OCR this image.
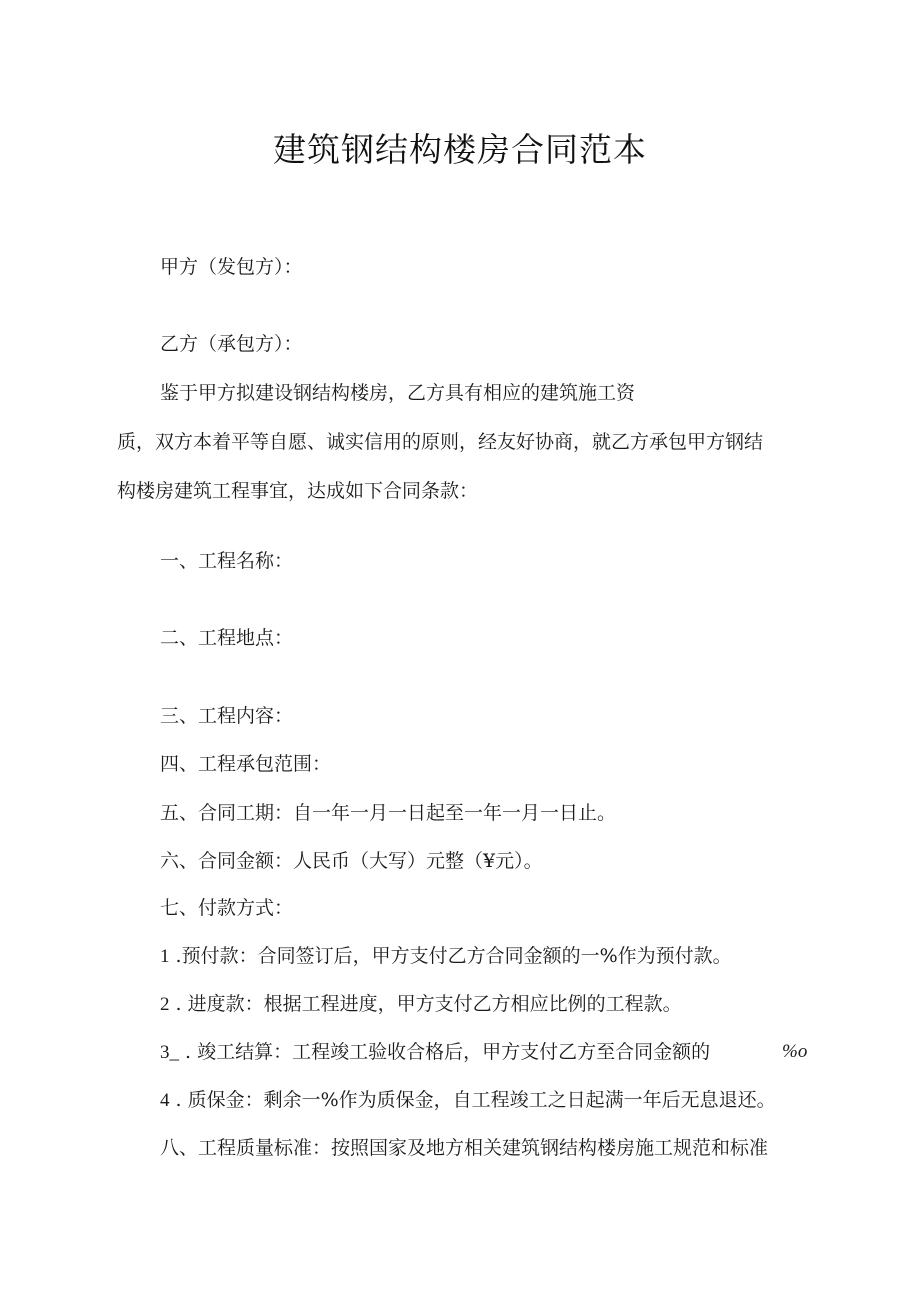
建筑钢结构楼房合同范本
甲方（发包方）：
乙方（承包方）：
鉴于甲方拟建设钢结构楼房，乙方具有相应的建筑施工资
质，双方本着平等自愿、诚实信用的原则，经友好协商，就乙方承包甲方钢结
构楼房建筑工程事宜，达成如下合同条款：
一、工程名称：
二、工程地点：
三、工程内容：
四、工程承包范围：
五、合同工期：自一年一月一日起至一年一月一日止。
六、合同金额：人民币（大写）元整（¥元）。
七、付款方式：
1 .预付款：合同签订后，甲方支付乙方合同金额的一%作为预付款。
2 . 进度款：根据工程进度，甲方支付乙方相应比例的工程款。
3_ . 竣工结算：工程竣工验收合格后，甲方支付乙方至合同金额的	%o
4 . 质保金：剩余一%作为质保金，自工程竣工之日起满一年后无息退还。
八、工程质量标准：按照国家及地方相关建筑钢结构楼房施工规范和标准
